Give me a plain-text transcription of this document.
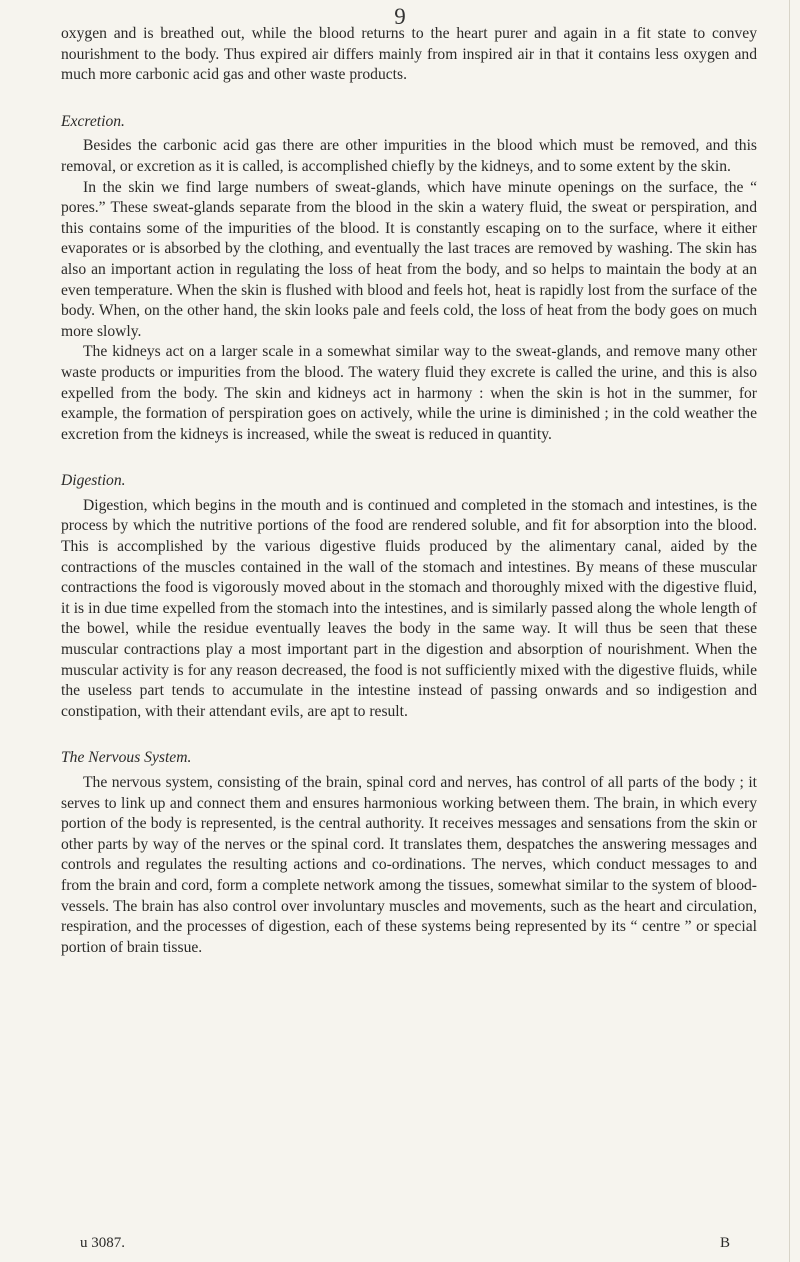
9

oxygen and is breathed out, while the blood returns to the heart purer and again in a fit state to convey nourishment to the body. Thus expired air differs mainly from inspired air in that it contains less oxygen and much more carbonic acid gas and other waste products.

Excretion.

Besides the carbonic acid gas there are other impurities in the blood which must be removed, and this removal, or excretion as it is called, is accomplished chiefly by the kidneys, and to some extent by the skin.

In the skin we find large numbers of sweat-glands, which have minute openings on the surface, the “ pores.” These sweat-glands separate from the blood in the skin a watery fluid, the sweat or perspiration, and this contains some of the impurities of the blood. It is constantly escaping on to the surface, where it either evaporates or is absorbed by the clothing, and eventually the last traces are removed by washing. The skin has also an important action in regulating the loss of heat from the body, and so helps to maintain the body at an even temperature. When the skin is flushed with blood and feels hot, heat is rapidly lost from the surface of the body. When, on the other hand, the skin looks pale and feels cold, the loss of heat from the body goes on much more slowly.

The kidneys act on a larger scale in a somewhat similar way to the sweat-glands, and remove many other waste products or impurities from the blood. The watery fluid they excrete is called the urine, and this is also expelled from the body. The skin and kidneys act in harmony : when the skin is hot in the summer, for example, the formation of perspiration goes on actively, while the urine is diminished ; in the cold weather the excretion from the kidneys is increased, while the sweat is reduced in quantity.

Digestion.

Digestion, which begins in the mouth and is continued and completed in the stomach and intestines, is the process by which the nutritive portions of the food are rendered soluble, and fit for absorption into the blood. This is accomplished by the various digestive fluids produced by the alimentary canal, aided by the contractions of the muscles contained in the wall of the stomach and intestines. By means of these muscular contractions the food is vigorously moved about in the stomach and thoroughly mixed with the digestive fluid, it is in due time expelled from the stomach into the intestines, and is similarly passed along the whole length of the bowel, while the residue eventually leaves the body in the same way. It will thus be seen that these muscular contractions play a most important part in the digestion and absorption of nourishment. When the muscular activity is for any reason decreased, the food is not sufficiently mixed with the digestive fluids, while the useless part tends to accumulate in the intestine instead of passing onwards and so indigestion and constipation, with their attendant evils, are apt to result.

The Nervous System.

The nervous system, consisting of the brain, spinal cord and nerves, has control of all parts of the body ; it serves to link up and connect them and ensures harmonious working between them. The brain, in which every portion of the body is represented, is the central authority. It receives messages and sensations from the skin or other parts by way of the nerves or the spinal cord. It translates them, despatches the answering messages and controls and regulates the resulting actions and co-ordinations. The nerves, which conduct messages to and from the brain and cord, form a complete network among the tissues, somewhat similar to the system of blood-vessels. The brain has also control over involuntary muscles and movements, such as the heart and circulation, respiration, and the processes of digestion, each of these systems being represented by its “ centre ” or special portion of brain tissue.

u 3087.	B
